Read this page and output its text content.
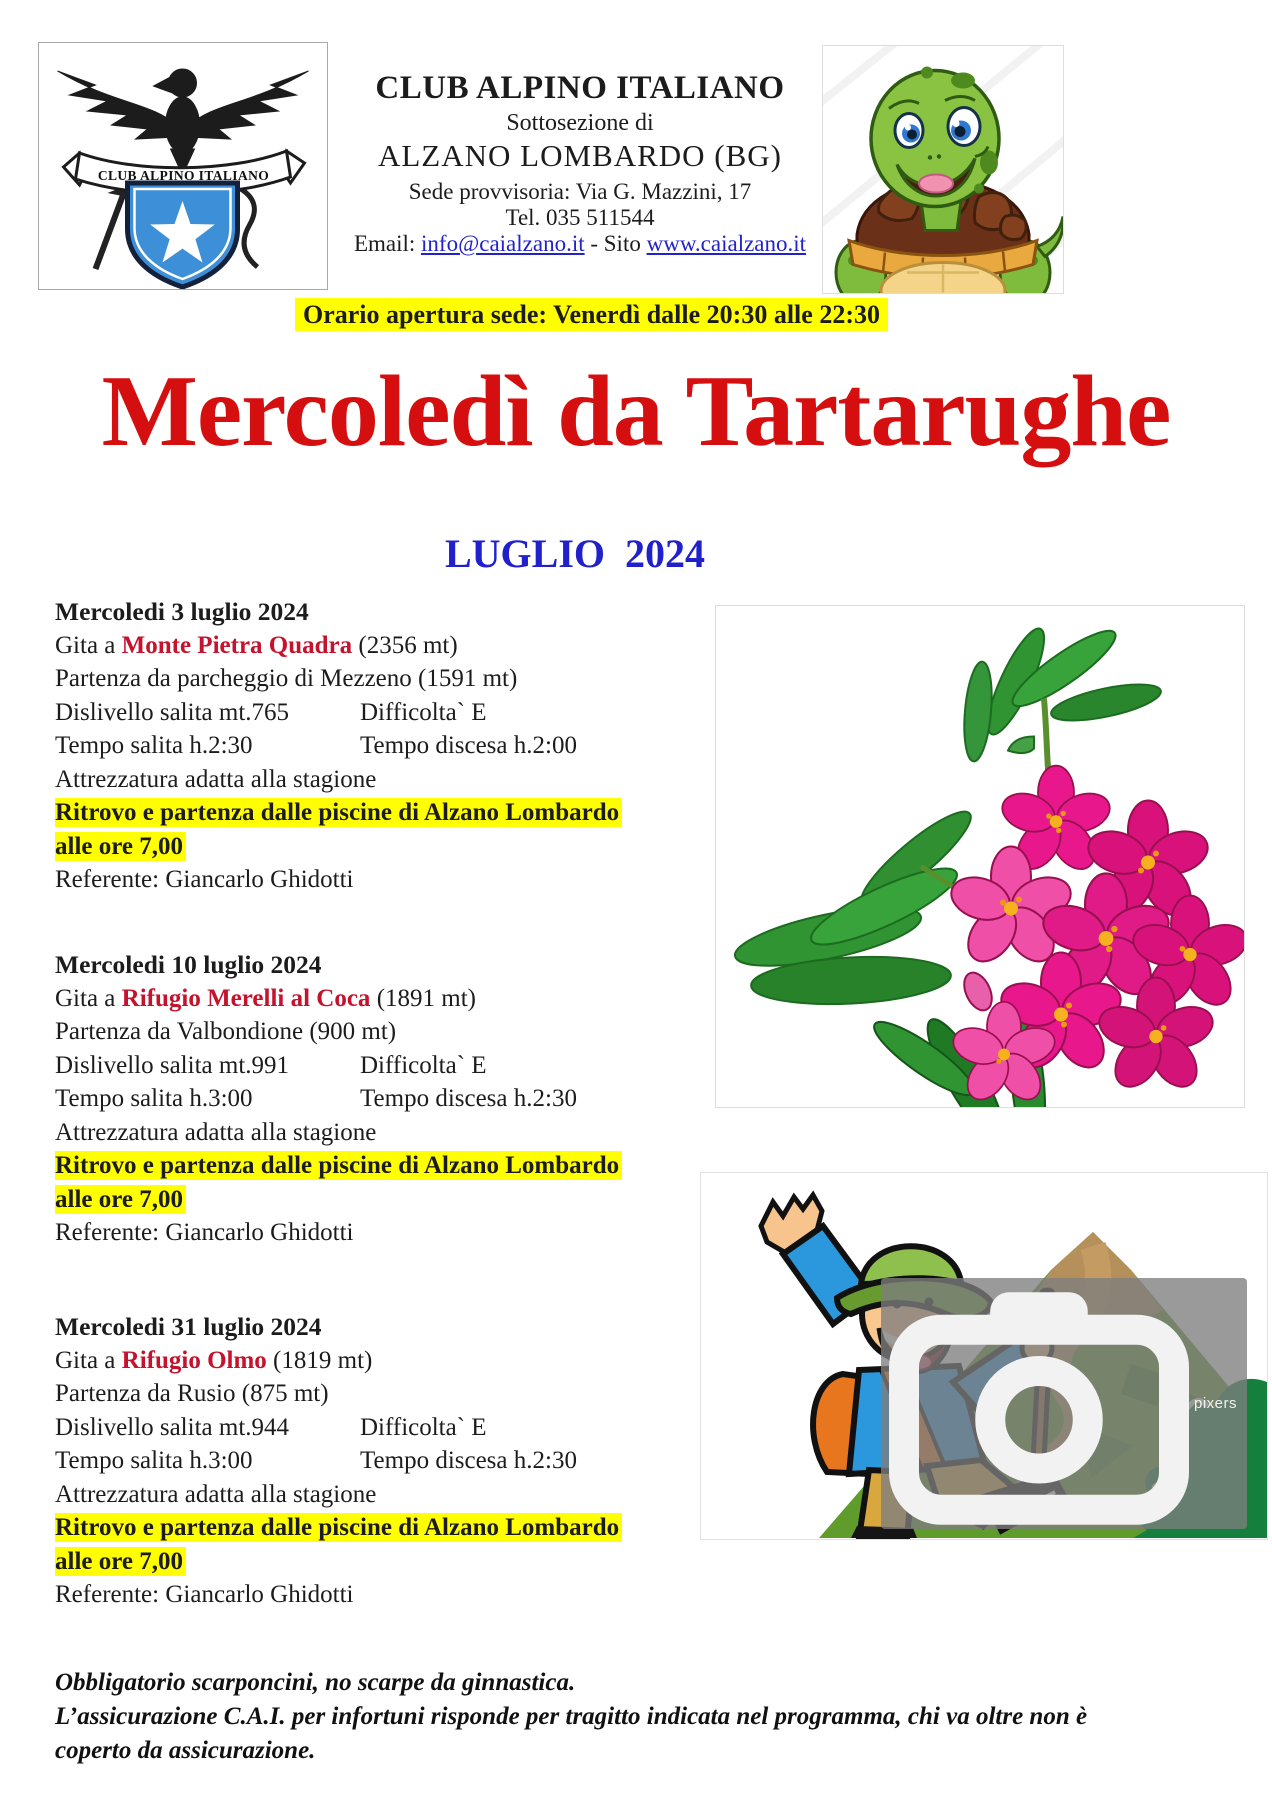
CLUB ALPINO ITALIANO
CLUB ALPINO ITALIANO
Sottosezione di
ALZANO LOMBARDO (BG)
Sede provvisoria: Via G. Mazzini, 17
Tel. 035 511544
Email: info@caialzano.it - Sito www.caialzano.it
Orario apertura sede: Venerdì dalle 20:30 alle 22:30
Mercoledì da Tartarughe
LUGLIO  2024
Mercoledi 3 luglio 2024
Gita a Monte Pietra Quadra (2356 mt)
Partenza da parcheggio di Mezzeno (1591 mt)
Dislivello salita mt.765	Difficolta` E
Tempo salita h.2:30	Tempo discesa h.2:00
Attrezzatura adatta alla stagione
Ritrovo e partenza dalle piscine di Alzano Lombardo
alle ore 7,00
Referente: Giancarlo Ghidotti
Mercoledi 10 luglio 2024
Gita a Rifugio Merelli al Coca (1891 mt)
Partenza da Valbondione (900 mt)
Dislivello salita mt.991	Difficolta` E
Tempo salita h.3:00	Tempo discesa h.2:30
Attrezzatura adatta alla stagione
Ritrovo e partenza dalle piscine di Alzano Lombardo
alle ore 7,00
Referente: Giancarlo Ghidotti
Mercoledi 31 luglio 2024
Gita a Rifugio Olmo (1819 mt)
Partenza da Rusio (875 mt)
Dislivello salita mt.944	Difficolta` E
Tempo salita h.3:00	Tempo discesa h.2:30
Attrezzatura adatta alla stagione
Ritrovo e partenza dalle piscine di Alzano Lombardo
alle ore 7,00
Referente: Giancarlo Ghidotti
pixers
Obbligatorio scarponcini, no scarpe da ginnastica.
L’assicurazione C.A.I. per infortuni risponde per tragitto indicata nel programma, chi va oltre non è
coperto da assicurazione.
